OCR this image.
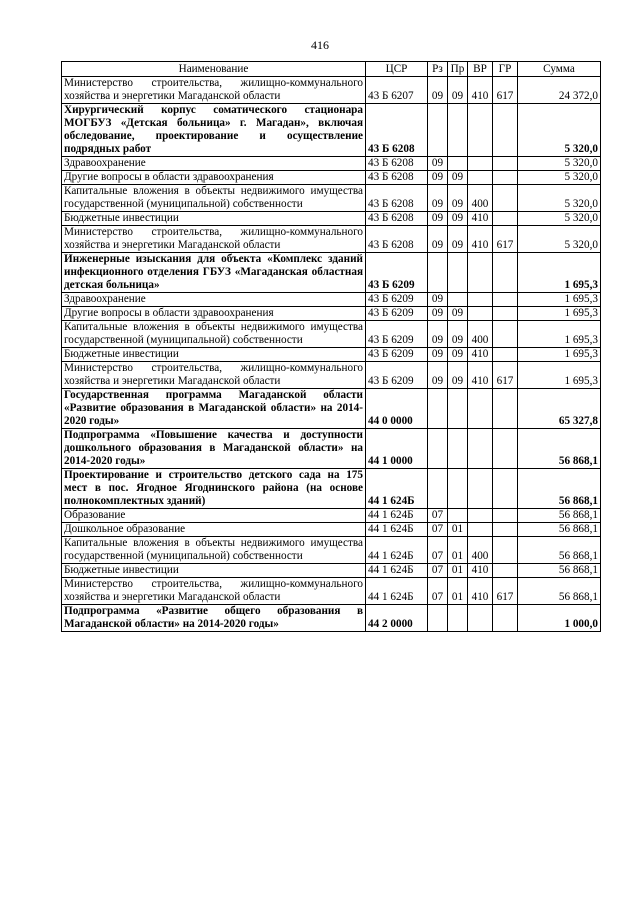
416
Наименование	ЦСР	Рз	Пр	ВР	ГР	Сумма
Министерство строительства, жилищно-коммунального хозяйства и энергетики Магаданской области	43 Б 6207	09	09	410	617	24 372,0
Хирургический корпус соматического стационара МОГБУЗ «Детская больница» г. Магадан», включая обследование, проектирование и осуществление подрядных работ	43 Б 6208					5 320,0
Здравоохранение	43 Б 6208	09				5 320,0
Другие вопросы в области здравоохранения	43 Б 6208	09	09			5 320,0
Капитальные вложения в объекты недвижимого имущества государственной (муниципальной) собственности	43 Б 6208	09	09	400		5 320,0
Бюджетные инвестиции	43 Б 6208	09	09	410		5 320,0
Министерство строительства, жилищно-коммунального хозяйства и энергетики Магаданской области	43 Б 6208	09	09	410	617	5 320,0
Инженерные изыскания для объекта «Комплекс зданий инфекционного отделения ГБУЗ «Магаданская областная детская больница»	43 Б 6209					1 695,3
Здравоохранение	43 Б 6209	09				1 695,3
Другие вопросы в области здравоохранения	43 Б 6209	09	09			1 695,3
Капитальные вложения в объекты недвижимого имущества государственной (муниципальной) собственности	43 Б 6209	09	09	400		1 695,3
Бюджетные инвестиции	43 Б 6209	09	09	410		1 695,3
Министерство строительства, жилищно-коммунального хозяйства и энергетики Магаданской области	43 Б 6209	09	09	410	617	1 695,3
Государственная программа Магаданской области «Развитие образования в Магаданской области» на 2014-2020 годы»	44 0 0000					65 327,8
Подпрограмма «Повышение качества и доступности дошкольного образования в Магаданской области» на 2014-2020 годы»	44 1 0000					56 868,1
Проектирование и строительство детского сада на 175 мест в пос. Ягодное Ягоднинского района (на основе полнокомплектных зданий)	44 1 624Б					56 868,1
Образование	44 1 624Б	07				56 868,1
Дошкольное образование	44 1 624Б	07	01			56 868,1
Капитальные вложения в объекты недвижимого имущества государственной (муниципальной) собственности	44 1 624Б	07	01	400		56 868,1
Бюджетные инвестиции	44 1 624Б	07	01	410		56 868,1
Министерство строительства, жилищно-коммунального хозяйства и энергетики Магаданской области	44 1 624Б	07	01	410	617	56 868,1
Подпрограмма «Развитие общего образования в Магаданской области» на 2014-2020 годы»	44 2 0000					1 000,0
